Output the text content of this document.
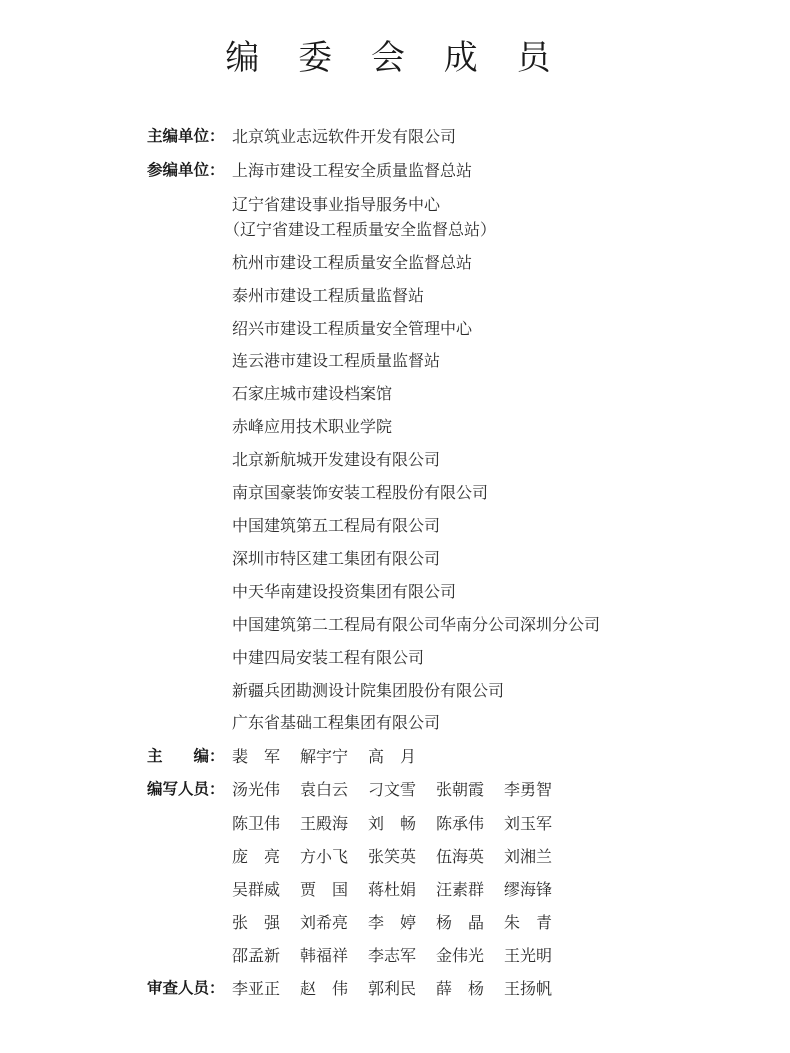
编 委 会 成 员
主编单位： 北京筑业志远软件开发有限公司
参编单位： 上海市建设工程安全质量监督总站
辽宁省建设事业指导服务中心
（辽宁省建设工程质量安全监督总站）
杭州市建设工程质量安全监督总站
泰州市建设工程质量监督站
绍兴市建设工程质量安全管理中心
连云港市建设工程质量监督站
石家庄城市建设档案馆
赤峰应用技术职业学院
北京新航城开发建设有限公司
南京国豪装饰安装工程股份有限公司
中国建筑第五工程局有限公司
深圳市特区建工集团有限公司
中天华南建设投资集团有限公司
中国建筑第二工程局有限公司华南分公司深圳分公司
中建四局安装工程有限公司
新疆兵团勘测设计院集团股份有限公司
广东省基础工程集团有限公司
主　　编： 裴　军 解宇宁 高　月
编写人员： 汤光伟 袁白云 刁文雪 张朝霞 李勇智
陈卫伟 王殿海 刘　畅 陈承伟 刘玉军
庞　亮 方小飞 张笑英 伍海英 刘湘兰
吴群威 贾　国 蒋杜娟 汪素群 缪海锋
张　强 刘希亮 李　婷 杨　晶 朱　青
邵孟新 韩福祥 李志军 金伟光 王光明
审查人员： 李亚正 赵　伟 郭利民 薛　杨 王扬帆
